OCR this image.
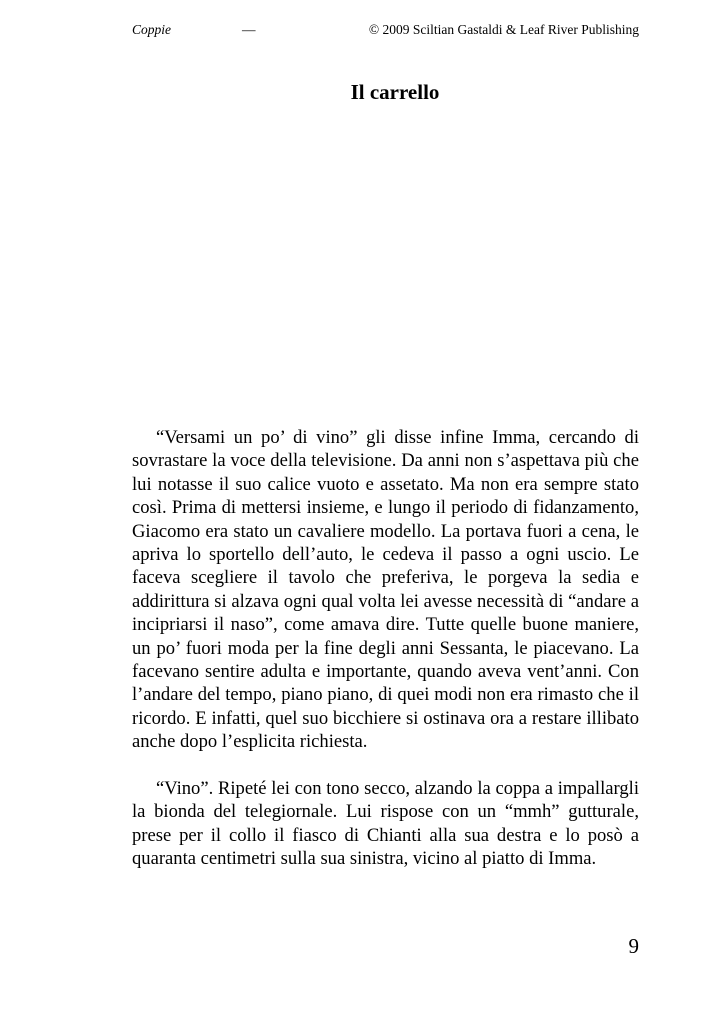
Coppie	—	© 2009 Sciltian Gastaldi & Leaf River Publishing
Il carrello

“Versami un po’ di vino” gli disse infine Imma, cercando di sovrastare la voce della televisione. Da anni non s’aspettava più che lui notasse il suo calice vuoto e assetato. Ma non era sempre stato così. Prima di mettersi insieme, e lungo il periodo di fidanzamento, Giacomo era stato un cavaliere modello. La portava fuori a cena, le apriva lo sportello dell’auto, le cedeva il passo a ogni uscio. Le faceva scegliere il tavolo che preferiva, le porgeva la sedia e addirittura si alzava ogni qual volta lei avesse necessità di “andare a incipriarsi il naso”, come amava dire. Tutte quelle buone maniere, un po’ fuori moda per la fine degli anni Sessanta, le piacevano. La facevano sentire adulta e importante, quando aveva vent’anni. Con l’andare del tempo, piano piano, di quei modi non era rimasto che il ricordo. E infatti, quel suo bicchiere si ostinava ora a restare illibato anche dopo l’esplicita richiesta.

“Vino”. Ripeté lei con tono secco, alzando la coppa a impallargli la bionda del telegiornale. Lui rispose con un “mmh” gutturale, prese per il collo il fiasco di Chianti alla sua destra e lo posò a quaranta centimetri sulla sua sinistra, vicino al piatto di Imma.

9
